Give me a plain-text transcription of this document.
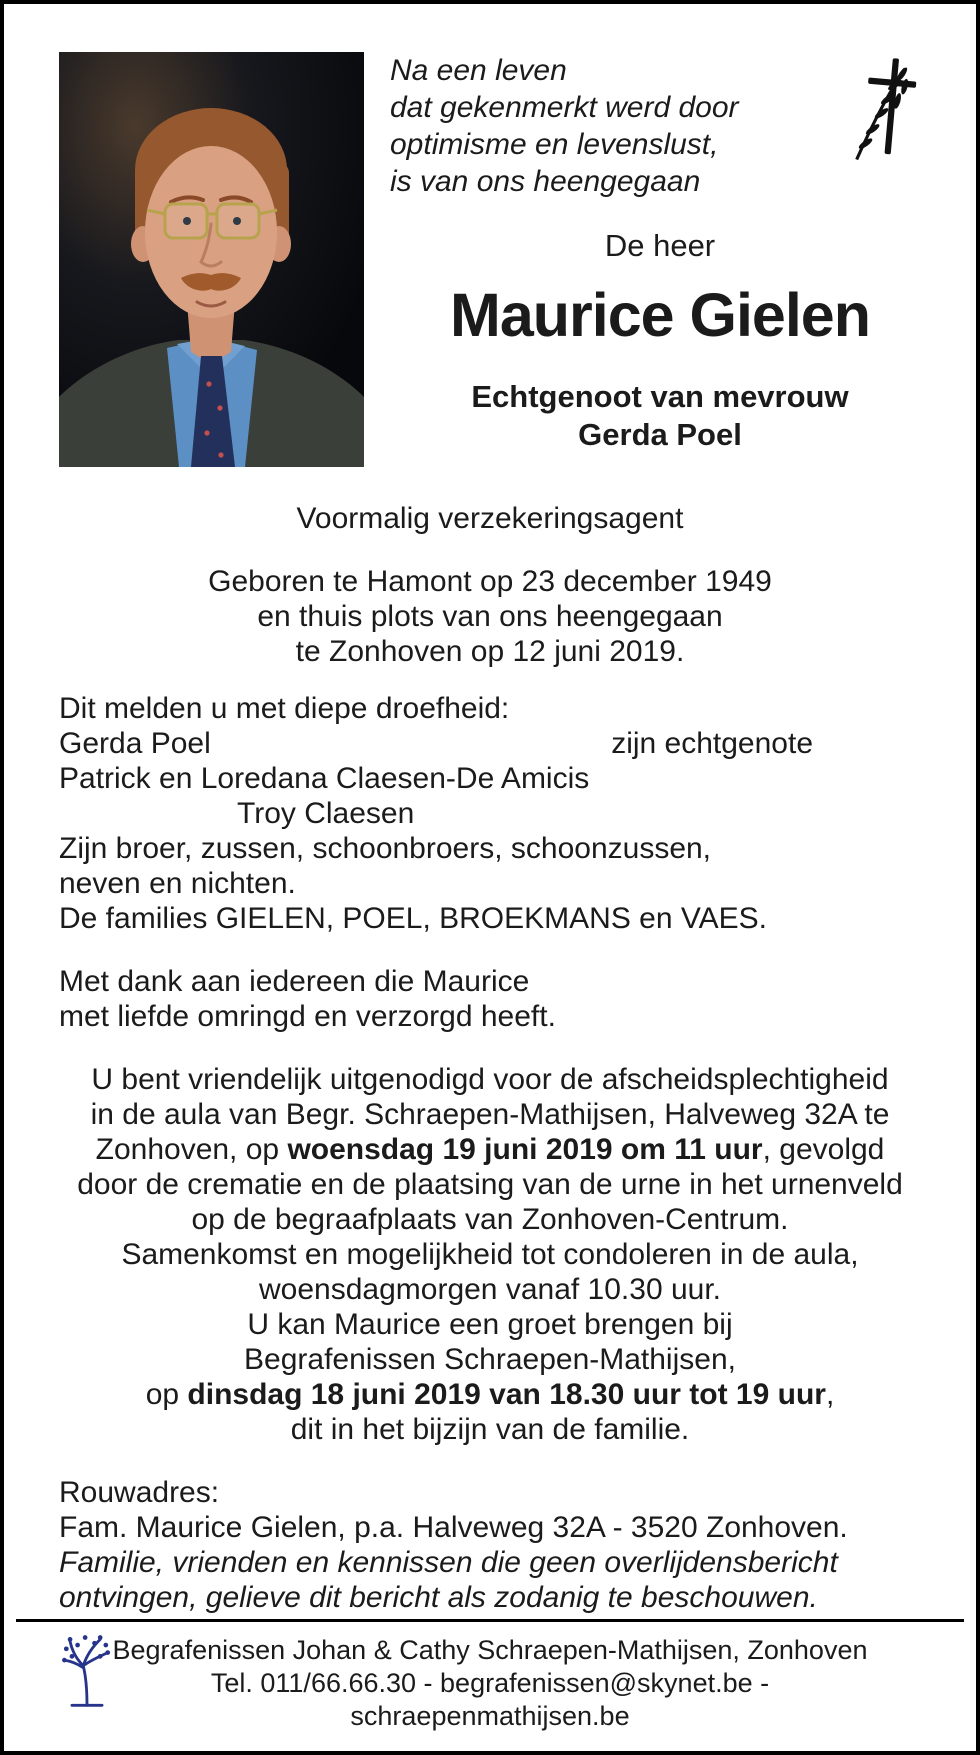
Na een leven
dat gekenmerkt werd door
optimisme en levenslust,
is van ons heengegaan
De heer
Maurice Gielen
Echtgenoot van mevrouw
Gerda Poel
Voormalig verzekeringsagent
Geboren te Hamont op 23 december 1949
en thuis plots van ons heengegaan
te Zonhoven op 12 juni 2019.
Dit melden u met diepe droefheid:
Gerda Poel	zijn echtgenote
Patrick en Loredana Claesen-De Amicis
Troy Claesen
Zijn broer, zussen, schoonbroers, schoonzussen,
neven en nichten.
De families GIELEN, POEL, BROEKMANS en VAES.
Met dank aan iedereen die Maurice
met liefde omringd en verzorgd heeft.
U bent vriendelijk uitgenodigd voor de afscheidsplechtigheid
in de aula van Begr. Schraepen-Mathijsen, Halveweg 32A te
Zonhoven, op woensdag 19 juni 2019 om 11 uur, gevolgd
door de crematie en de plaatsing van de urne in het urnenveld
op de begraafplaats van Zonhoven-Centrum.
Samenkomst en mogelijkheid tot condoleren in de aula,
woensdagmorgen vanaf 10.30 uur.
U kan Maurice een groet brengen bij
Begrafenissen Schraepen-Mathijsen,
op dinsdag 18 juni 2019 van 18.30 uur tot 19 uur,
dit in het bijzijn van de familie.
Rouwadres:
Fam. Maurice Gielen, p.a. Halveweg 32A - 3520 Zonhoven.
Familie, vrienden en kennissen die geen overlijdensbericht
ontvingen, gelieve dit bericht als zodanig te beschouwen.
Begrafenissen Johan & Cathy Schraepen-Mathijsen, Zonhoven
Tel. 011/66.66.30 - begrafenissen@skynet.be - schraepenmathijsen.be
